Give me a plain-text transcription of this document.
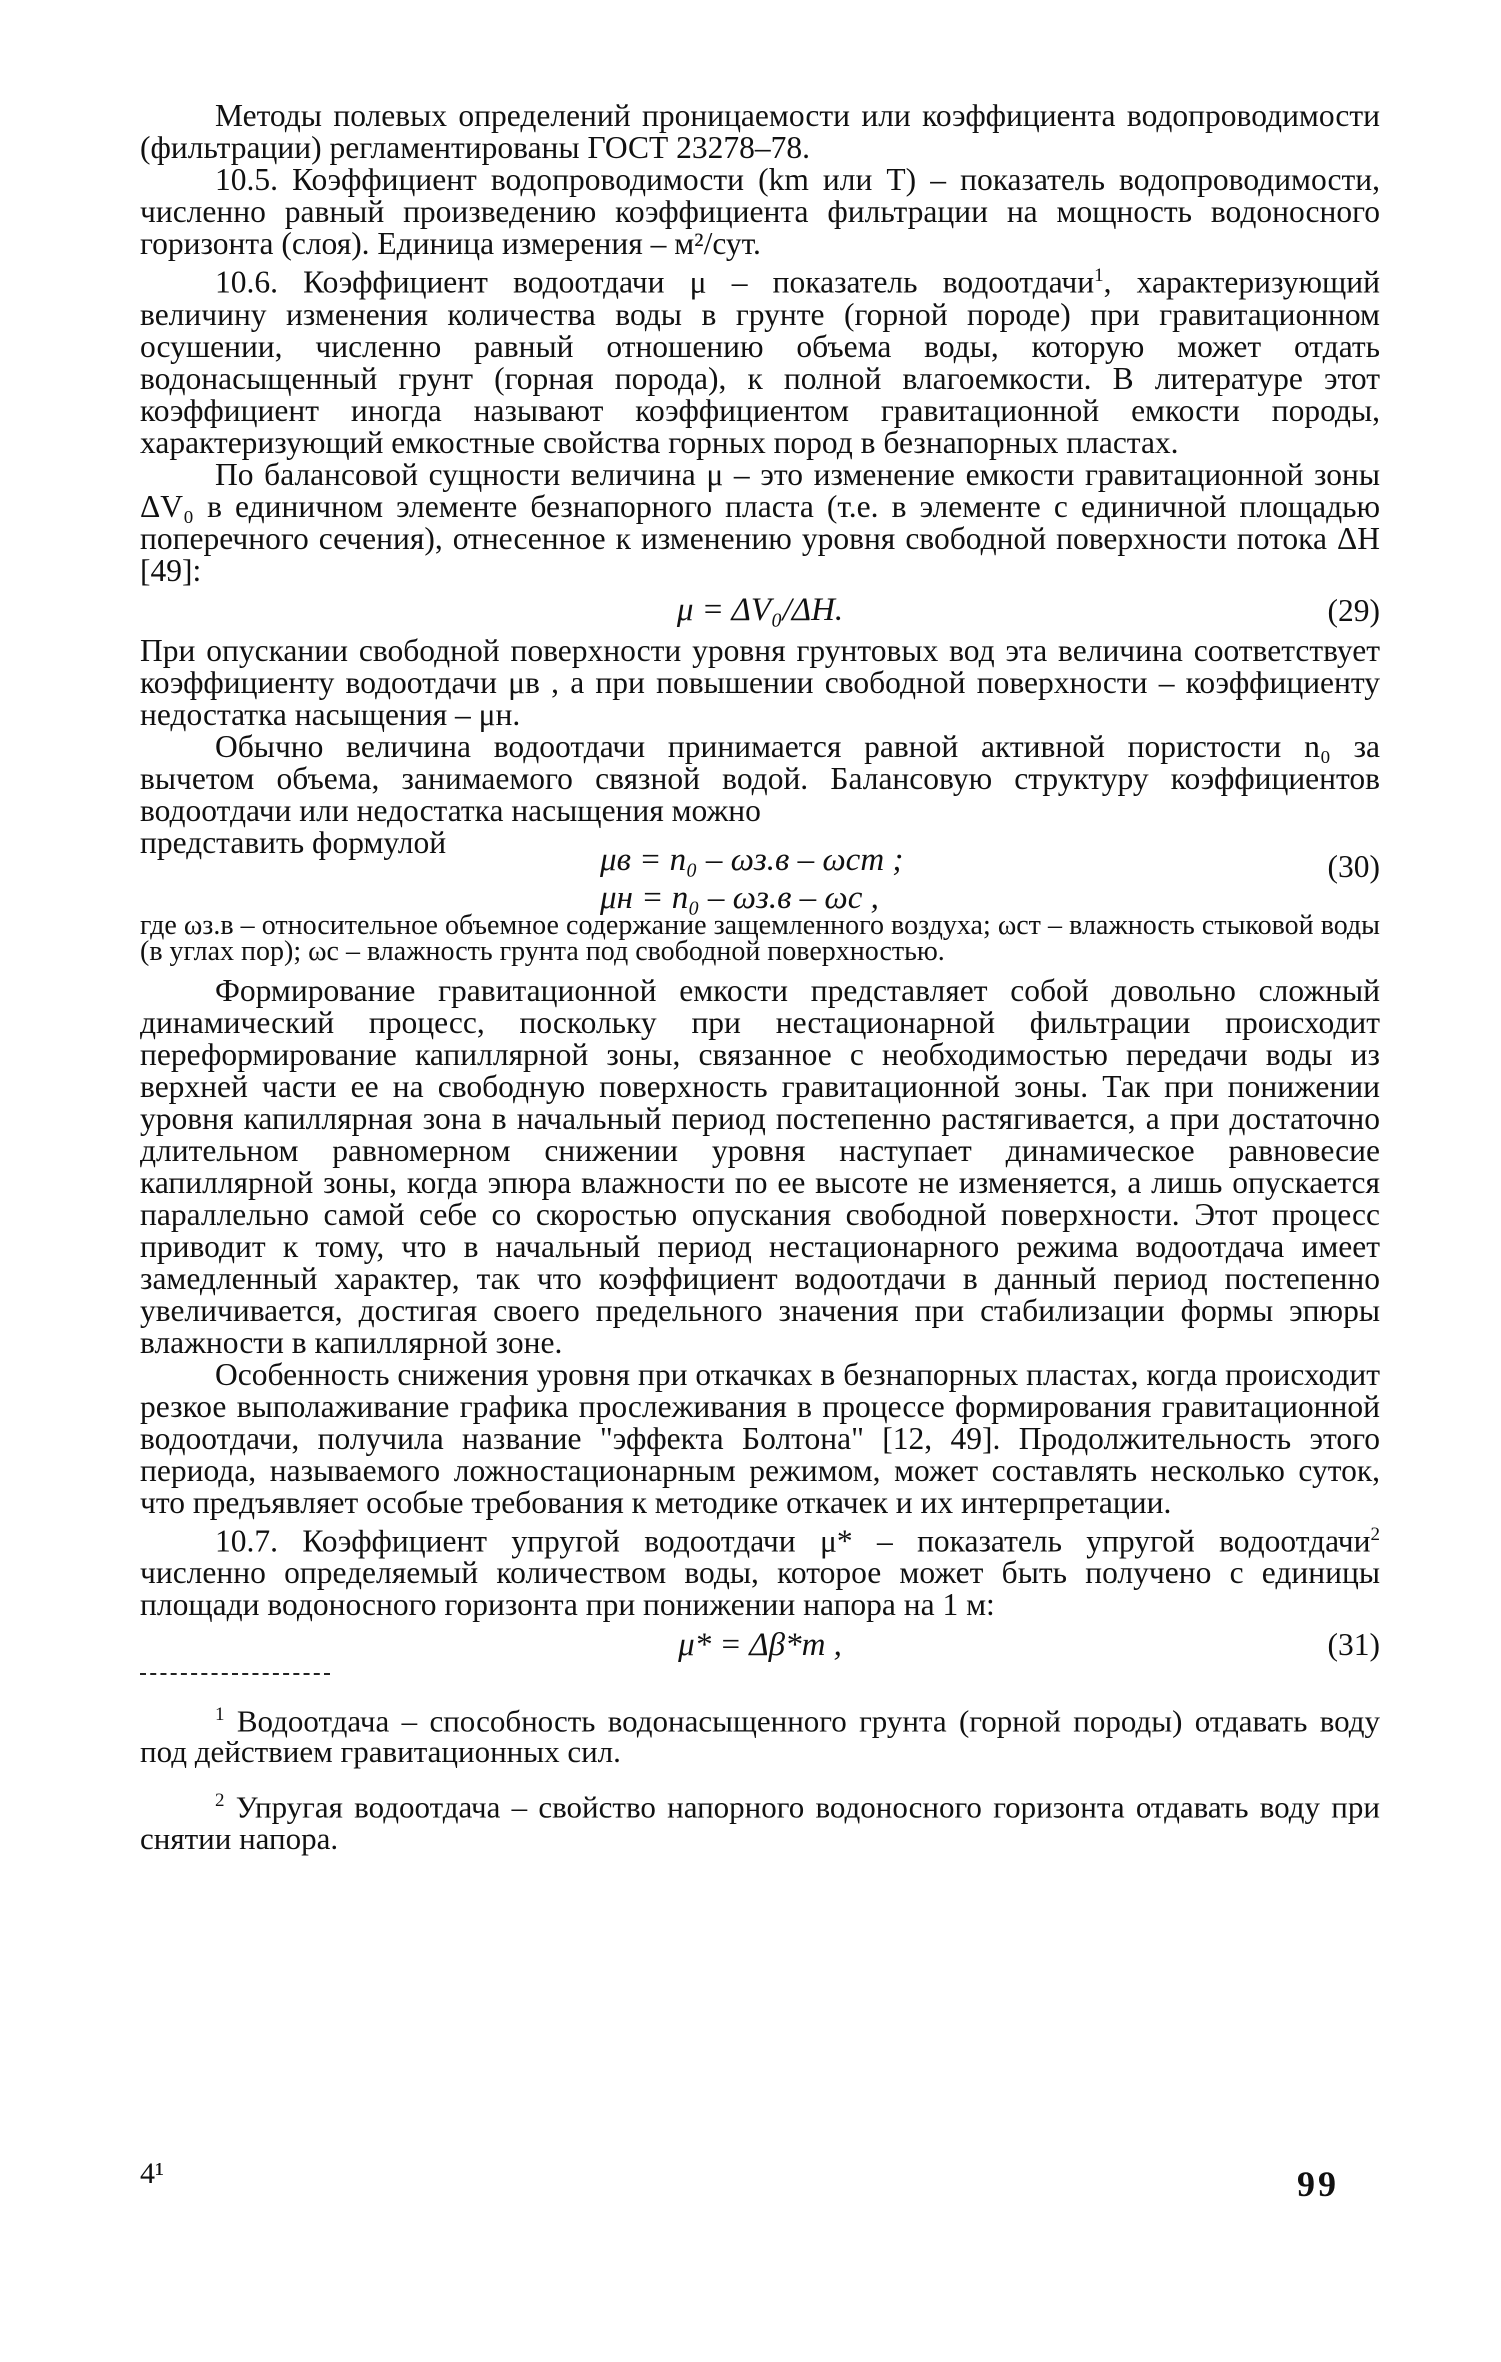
Методы полевых определений проницаемости или коэффициента водопроводимости (фильтрации) регламентированы ГОСТ 23278–78.

10.5. Коэффициент водопроводимости (km или T) – показатель водопроводимости, численно равный произведению коэффициента фильтрации на мощность водоносного горизонта (слоя). Единица измерения – м²/сут.

10.6. Коэффициент водоотдачи μ – показатель водоотдачи$^1$, характеризующий величину изменения количества воды в грунте (горной породе) при гравитационном осушении, численно равный отношению объема воды, которую может отдать водонасыщенный грунт (горная порода), к полной влагоемкости. В литературе этот коэффициент иногда называют коэффициентом гравитационной емкости породы, характеризующий емкостные свойства горных пород в безнапорных пластах.

По балансовой сущности величина μ – это изменение емкости гравитационной зоны ΔV₀ в единичном элементе безнапорного пласта (т.е. в элементе с единичной площадью поперечного сечения), отнесенное к изменению уровня свободной поверхности потока ΔH [49]:

μ = ΔV₀/ΔH.	(29)

При опускании свободной поверхности уровня грунтовых вод эта величина соответствует коэффициенту водоотдачи μв , а при повышении свободной поверхности – коэффициенту недостатка насыщения – μн.

Обычно величина водоотдачи принимается равной активной пористости n₀ за вычетом объема, занимаемого связной водой. Балансовую структуру коэффициентов водоотдачи или недостатка насыщения можно

представить формулой	μв = n₀ – ωз.в – ωст ;
μн = n₀ – ωз.в – ωс ,
(30)

где ωз.в – относительное объемное содержание защемленного воздуха; ωст – влажность стыковой воды (в углах пор); ωс – влажность грунта под свободной поверхностью.

Формирование гравитационной емкости представляет собой довольно сложный динамический процесс, поскольку при нестационарной фильтрации происходит переформирование капиллярной зоны, связанное с необходимостью передачи воды из верхней части ее на свободную поверхность гравитационной зоны. Так при понижении уровня капиллярная зона в начальный период постепенно растягивается, а при достаточно длительном равномерном снижении уровня наступает динамическое равновесие капиллярной зоны, когда эпюра влажности по ее высоте не изменяется, а лишь опускается параллельно самой себе со скоростью опускания свободной поверхности. Этот процесс приводит к тому, что в начальный период нестационарного режима водоотдача имеет замедленный характер, так что коэффициент водоотдачи в данный период постепенно увеличивается, достигая своего предельного значения при стабилизации формы эпюры влажности в капиллярной зоне.

Особенность снижения уровня при откачках в безнапорных пластах, когда происходит резкое выполаживание графика прослеживания в процессе формирования гравитационной водоотдачи, получила название "эффекта Болтона" [12, 49]. Продолжительность этого периода, называемого ложностационарным режимом, может составлять несколько суток, что предъявляет особые требования к методике откачек и их интерпретации.

10.7. Коэффициент упругой водоотдачи μ* – показатель упругой водоотдачи$^2$ численно определяемый количеством воды, которое может быть получено с единицы площади водоносного горизонта при понижении напора на 1 м:

μ* = Δβ*m ,	(31)

$^1$ Водоотдача – способность водонасыщенного грунта (горной породы) отдавать воду под действием гравитационных сил.

$^2$ Упругая водоотдача – свойство напорного водоносного горизонта отдавать воду при снятии напора.

4¹	99
